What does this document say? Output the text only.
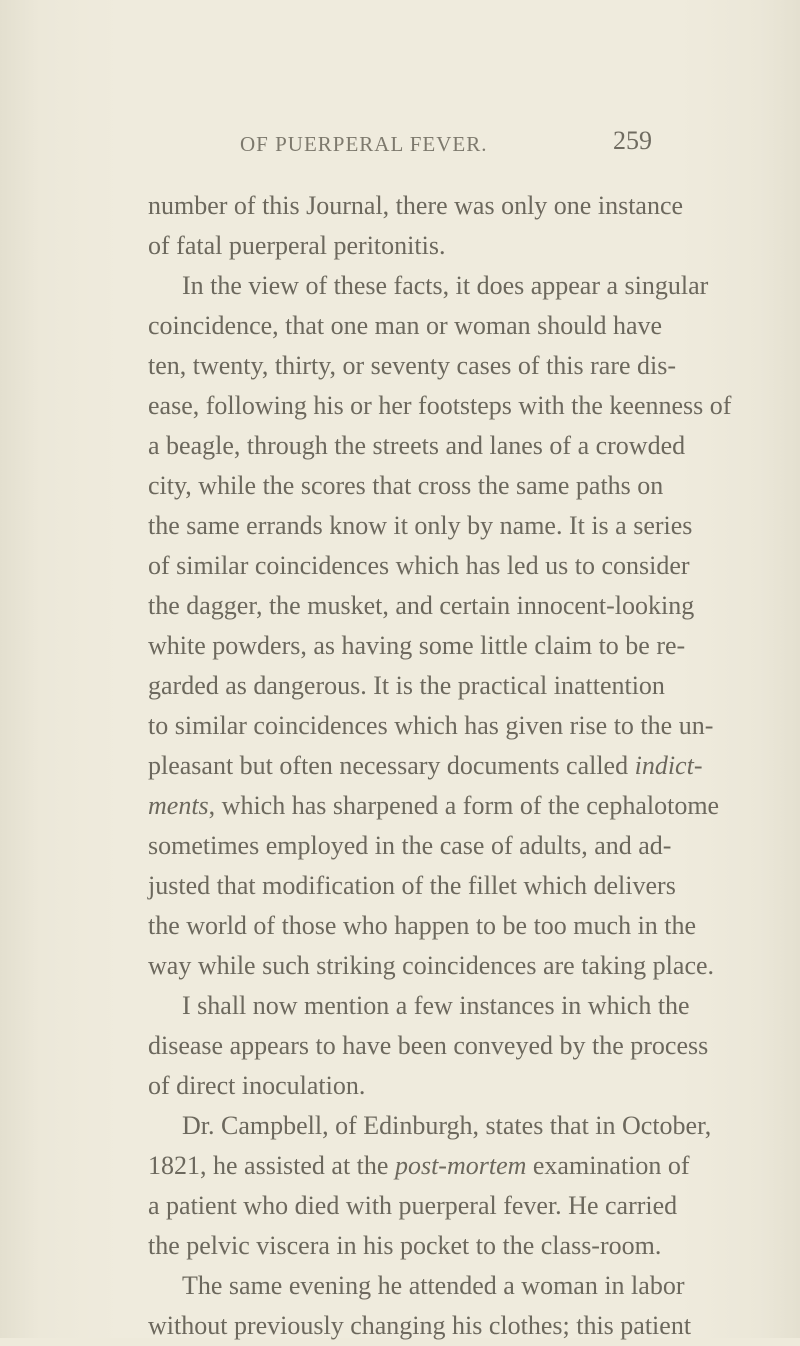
OF PUERPERAL FEVER.	259
number of this Journal, there was only one instance
of fatal puerperal peritonitis.
In the view of these facts, it does appear a singular
coincidence, that one man or woman should have
ten, twenty, thirty, or seventy cases of this rare dis-
ease, following his or her footsteps with the keenness of
a beagle, through the streets and lanes of a crowded
city, while the scores that cross the same paths on
the same errands know it only by name. It is a series
of similar coincidences which has led us to consider
the dagger, the musket, and certain innocent-looking
white powders, as having some little claim to be re-
garded as dangerous. It is the practical inattention
to similar coincidences which has given rise to the un-
pleasant but often necessary documents called indict-
ments, which has sharpened a form of the cephalotome
sometimes employed in the case of adults, and ad-
justed that modification of the fillet which delivers
the world of those who happen to be too much in the
way while such striking coincidences are taking place.
I shall now mention a few instances in which the
disease appears to have been conveyed by the process
of direct inoculation.
Dr. Campbell, of Edinburgh, states that in October,
1821, he assisted at the post-mortem examination of
a patient who died with puerperal fever. He carried
the pelvic viscera in his pocket to the class-room.
The same evening he attended a woman in labor
without previously changing his clothes; this patient
